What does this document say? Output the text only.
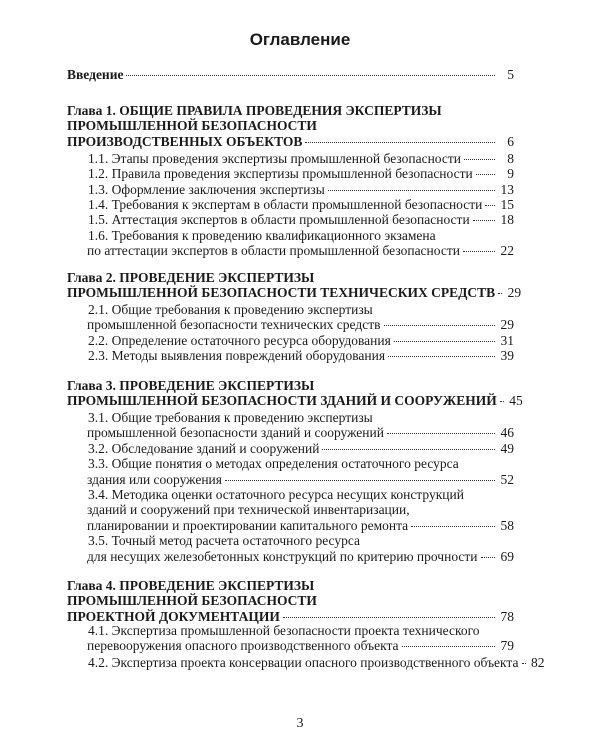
Оглавление
Введение	5
Глава 1. ОБЩИЕ ПРАВИЛА ПРОВЕДЕНИЯ ЭКСПЕРТИЗЫ
ПРОМЫШЛЕННОЙ БЕЗОПАСНОСТИ
ПРОИЗВОДСТВЕННЫХ ОБЪЕКТОВ	6
1.1. Этапы проведения экспертизы промышленной безопасности	8
1.2. Правила проведения экспертизы промышленной безопасности	9
1.3. Оформление заключения экспертизы	13
1.4. Требования к экспертам в области промышленной безопасности 15
1.5. Аттестация экспертов в области промышленной безопасности 18
1.6. Требования к проведению квалификационного экзамена
по аттестации экспертов в области промышленной безопасности	22
Глава 2. ПРОВЕДЕНИЕ ЭКСПЕРТИЗЫ
ПРОМЫШЛЕННОЙ БЕЗОПАСНОСТИ ТЕХНИЧЕСКИХ СРЕДСТВ 29
2.1. Общие требования к проведению экспертизы
промышленной безопасности технических средств	29
2.2. Определение остаточного ресурса оборудования	31
2.3. Методы выявления повреждений оборудования	39
Глава 3. ПРОВЕДЕНИЕ ЭКСПЕРТИЗЫ
ПРОМЫШЛЕННОЙ БЕЗОПАСНОСТИ ЗДАНИЙ И СООРУЖЕНИЙ 45
3.1. Общие требования к проведению экспертизы
промышленной безопасности зданий и сооружений	46
3.2. Обследование зданий и сооружений	49
3.3. Общие понятия о методах определения остаточного ресурса
здания или сооружения	52
3.4. Методика оценки остаточного ресурса несущих конструкций
зданий и сооружений при технической инвентаризации,
планировании и проектировании капитального ремонта	58
3.5. Точный метод расчета остаточного ресурса
для несущих железобетонных конструкций по критерию прочности 69
Глава 4. ПРОВЕДЕНИЕ ЭКСПЕРТИЗЫ
ПРОМЫШЛЕННОЙ БЕЗОПАСНОСТИ
ПРОЕКТНОЙ ДОКУМЕНТАЦИИ	78
4.1. Экспертиза промышленной безопасности проекта технического
перевооружения опасного производственного объекта	79
4.2. Экспертиза проекта консервации опасного производственного объекта 82
3
